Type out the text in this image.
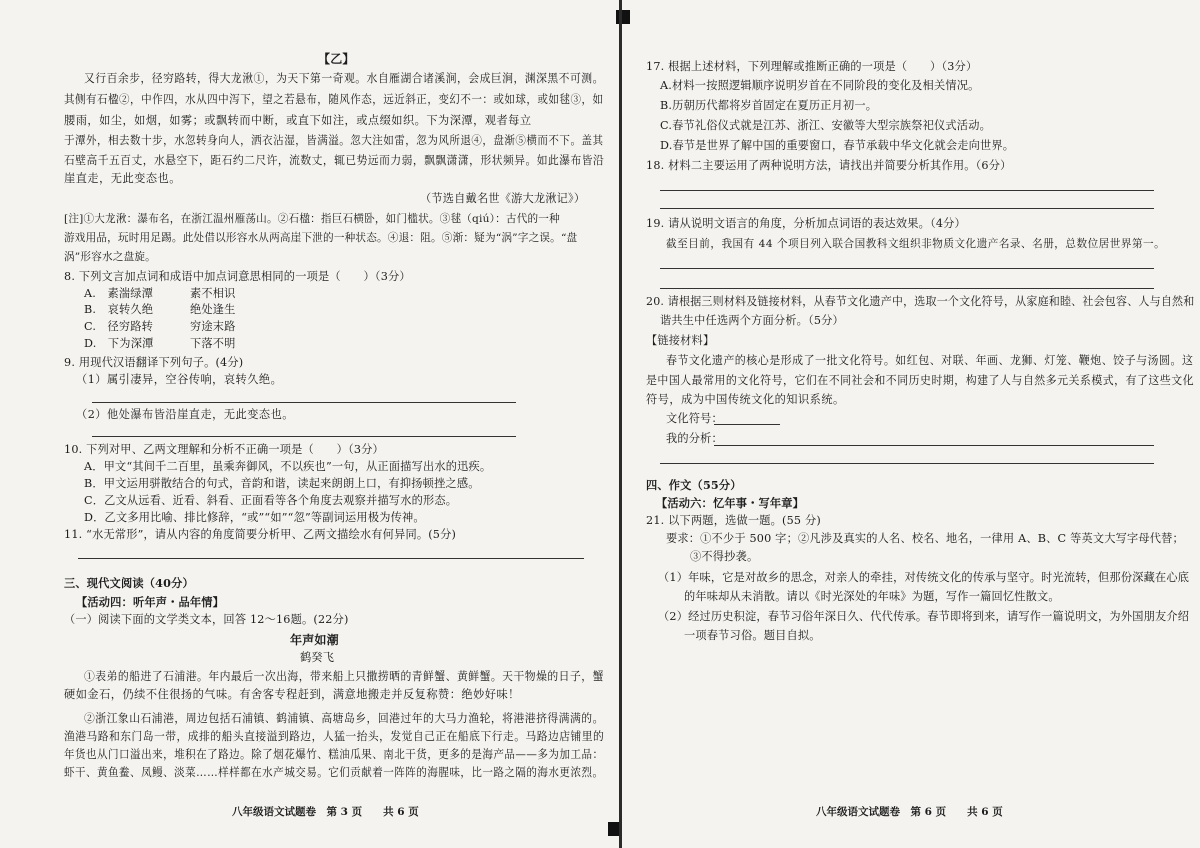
【乙】
又行百余步，径穷路转，得大龙湫①，为天下第一奇观。水自雁湖合诸溪涧，会成巨涧，渊深黑不可测。
其侧有石楹②，中作四，水从四中泻下，望之若悬布，随风作态，远近斜正，变幻不一：或如球，或如毬③，如
腰雨，如尘，如烟，如雾；或飘转而中断，或直下如注，或点缀如织。下为深潭，观者每立
于潭外，相去数十步，水忽转身向人，洒衣沾湿，皆满溢。忽大注如雷，忽为风所退④，盘渐⑤横而不下。盖其
石壁高千五百丈，水悬空下，距石约二尺许，流数丈，辄已势远而力弱，飘飘潇潇，形状频异。如此瀑布皆沿
崖直走，无此变态也。
（节选自戴名世《游大龙湫记》）
[注]①大龙湫：瀑布名，在浙江温州雁荡山。②石楹：指巨石横卧，如门槛状。③毬（qiú）：古代的一种
游戏用品，玩时用足踢。此处借以形容水从两高崖下泄的一种状态。④退：阻。⑤渐：疑为“涡”字之误。“盘
涡”形容水之盘旋。
8. 下列文言加点词和成语中加点词意思相同的一项是（　　）（3分）
A.　 素湍绿潭	素不相识
B.　 哀转久绝	绝处逢生
C.　 径穷路转	穷途末路
D.　 下为深潭	下落不明
9. 用现代汉语翻译下列句子。(4分)
（1）属引凄异，空谷传响，哀转久绝。
（2）他处瀑布皆沿崖直走，无此变态也。
10. 下列对甲、乙两文理解和分析不正确一项是（　　）（3分）
A．甲文“其间千二百里，虽乘奔御风，不以疾也”一句，从正面描写出水的迅疾。
B．甲文运用骈散结合的句式，音韵和谐，读起来朗朗上口，有抑扬顿挫之感。
C．乙文从远看、近看、斜看、正面看等各个角度去观察并描写水的形态。
D．乙文多用比喻、排比修辞，“或”“如”“忽”等副词运用极为传神。
11. “水无常形”，请从内容的角度简要分析甲、乙两文描绘水有何异同。(5分)
三、现代文阅读（40分）
【活动四：听年声・品年情】
（一）阅读下面的文学类文本，回答 12～16题。(22分)
年声如潮
鹤癸飞
①表弟的船进了石浦港。年内最后一次出海，带来船上只撒捞晒的青鲜蟹、黄鲜蟹。天干物燥的日子，蟹
硬如金石，仍续不住很扬的气味。有舍客专程赶到，满意地搬走并反复称赞：绝妙好味！
②浙江象山石浦港，周边包括石浦镇、鹤浦镇、高塘岛乡，回港过年的大马力渔轮，将港港挤得满满的。
渔港马路和东门岛一带，成排的船头直接溢到路边，人猛一抬头，发觉自己正在船底下行走。马路边店铺里的
年货也从门口溢出来，堆积在了路边。除了烟花爆竹、糕油瓜果、南北干货，更多的是海产品——多为加工品：
虾干、黄鱼鲞、凤鳗、淡菜……样样都在水产城交易。它们贡献着一阵阵的海腥味，比一路之隔的海水更浓烈。
八年级语文试题卷　第 3 页　　共 6 页
17. 根据上述材料，下列理解或推断正确的一项是（　　）（3分）
A.材料一按照逻辑顺序说明岁首在不同阶段的变化及相关情况。
B.历朝历代都将岁首固定在夏历正月初一。
C.春节礼俗仪式就是江苏、浙江、安徽等大型宗族祭祀仪式活动。
D.春节是世界了解中国的重要窗口，春节承载中华文化就会走向世界。
18. 材料二主要运用了两种说明方法，请找出并简要分析其作用。（6分）
19. 请从说明文语言的角度，分析加点词语的表达效果。（4分）
截至目前，我国有 44 个项目列入联合国教科文组织非物质文化遗产名录、名册，总数位居世界第一。
20. 请根据三则材料及链接材料，从春节文化遗产中，选取一个文化符号，从家庭和睦、社会包容、人与自然和
谐共生中任选两个方面分析。（5分）
【链接材料】
春节文化遗产的核心是形成了一批文化符号。如红包、对联、年画、龙狮、灯笼、鞭炮、饺子与汤圆。这
是中国人最常用的文化符号，它们在不同社会和不同历史时期，构建了人与自然多元关系模式，有了这些文化
符号，成为中国传统文化的知识系统。
文化符号：
我的分析：
四、作文（55分）
【活动六：忆年事・写年章】
21. 以下两题，选做一题。(55 分)
要求：①不少于 500 字；②凡涉及真实的人名、校名、地名，一律用 A、B、C 等英文大写字母代替；
③不得抄袭。
（1）年味，它是对故乡的思念，对亲人的牵挂，对传统文化的传承与坚守。时光流转，但那份深藏在心底
的年味却从未消散。请以《时光深处的年味》为题，写作一篇回忆性散文。
（2）经过历史积淀，春节习俗年深日久、代代传承。春节即将到来，请写作一篇说明文，为外国朋友介绍
一项春节习俗。题目自拟。
八年级语文试题卷　第 6 页　　共 6 页
